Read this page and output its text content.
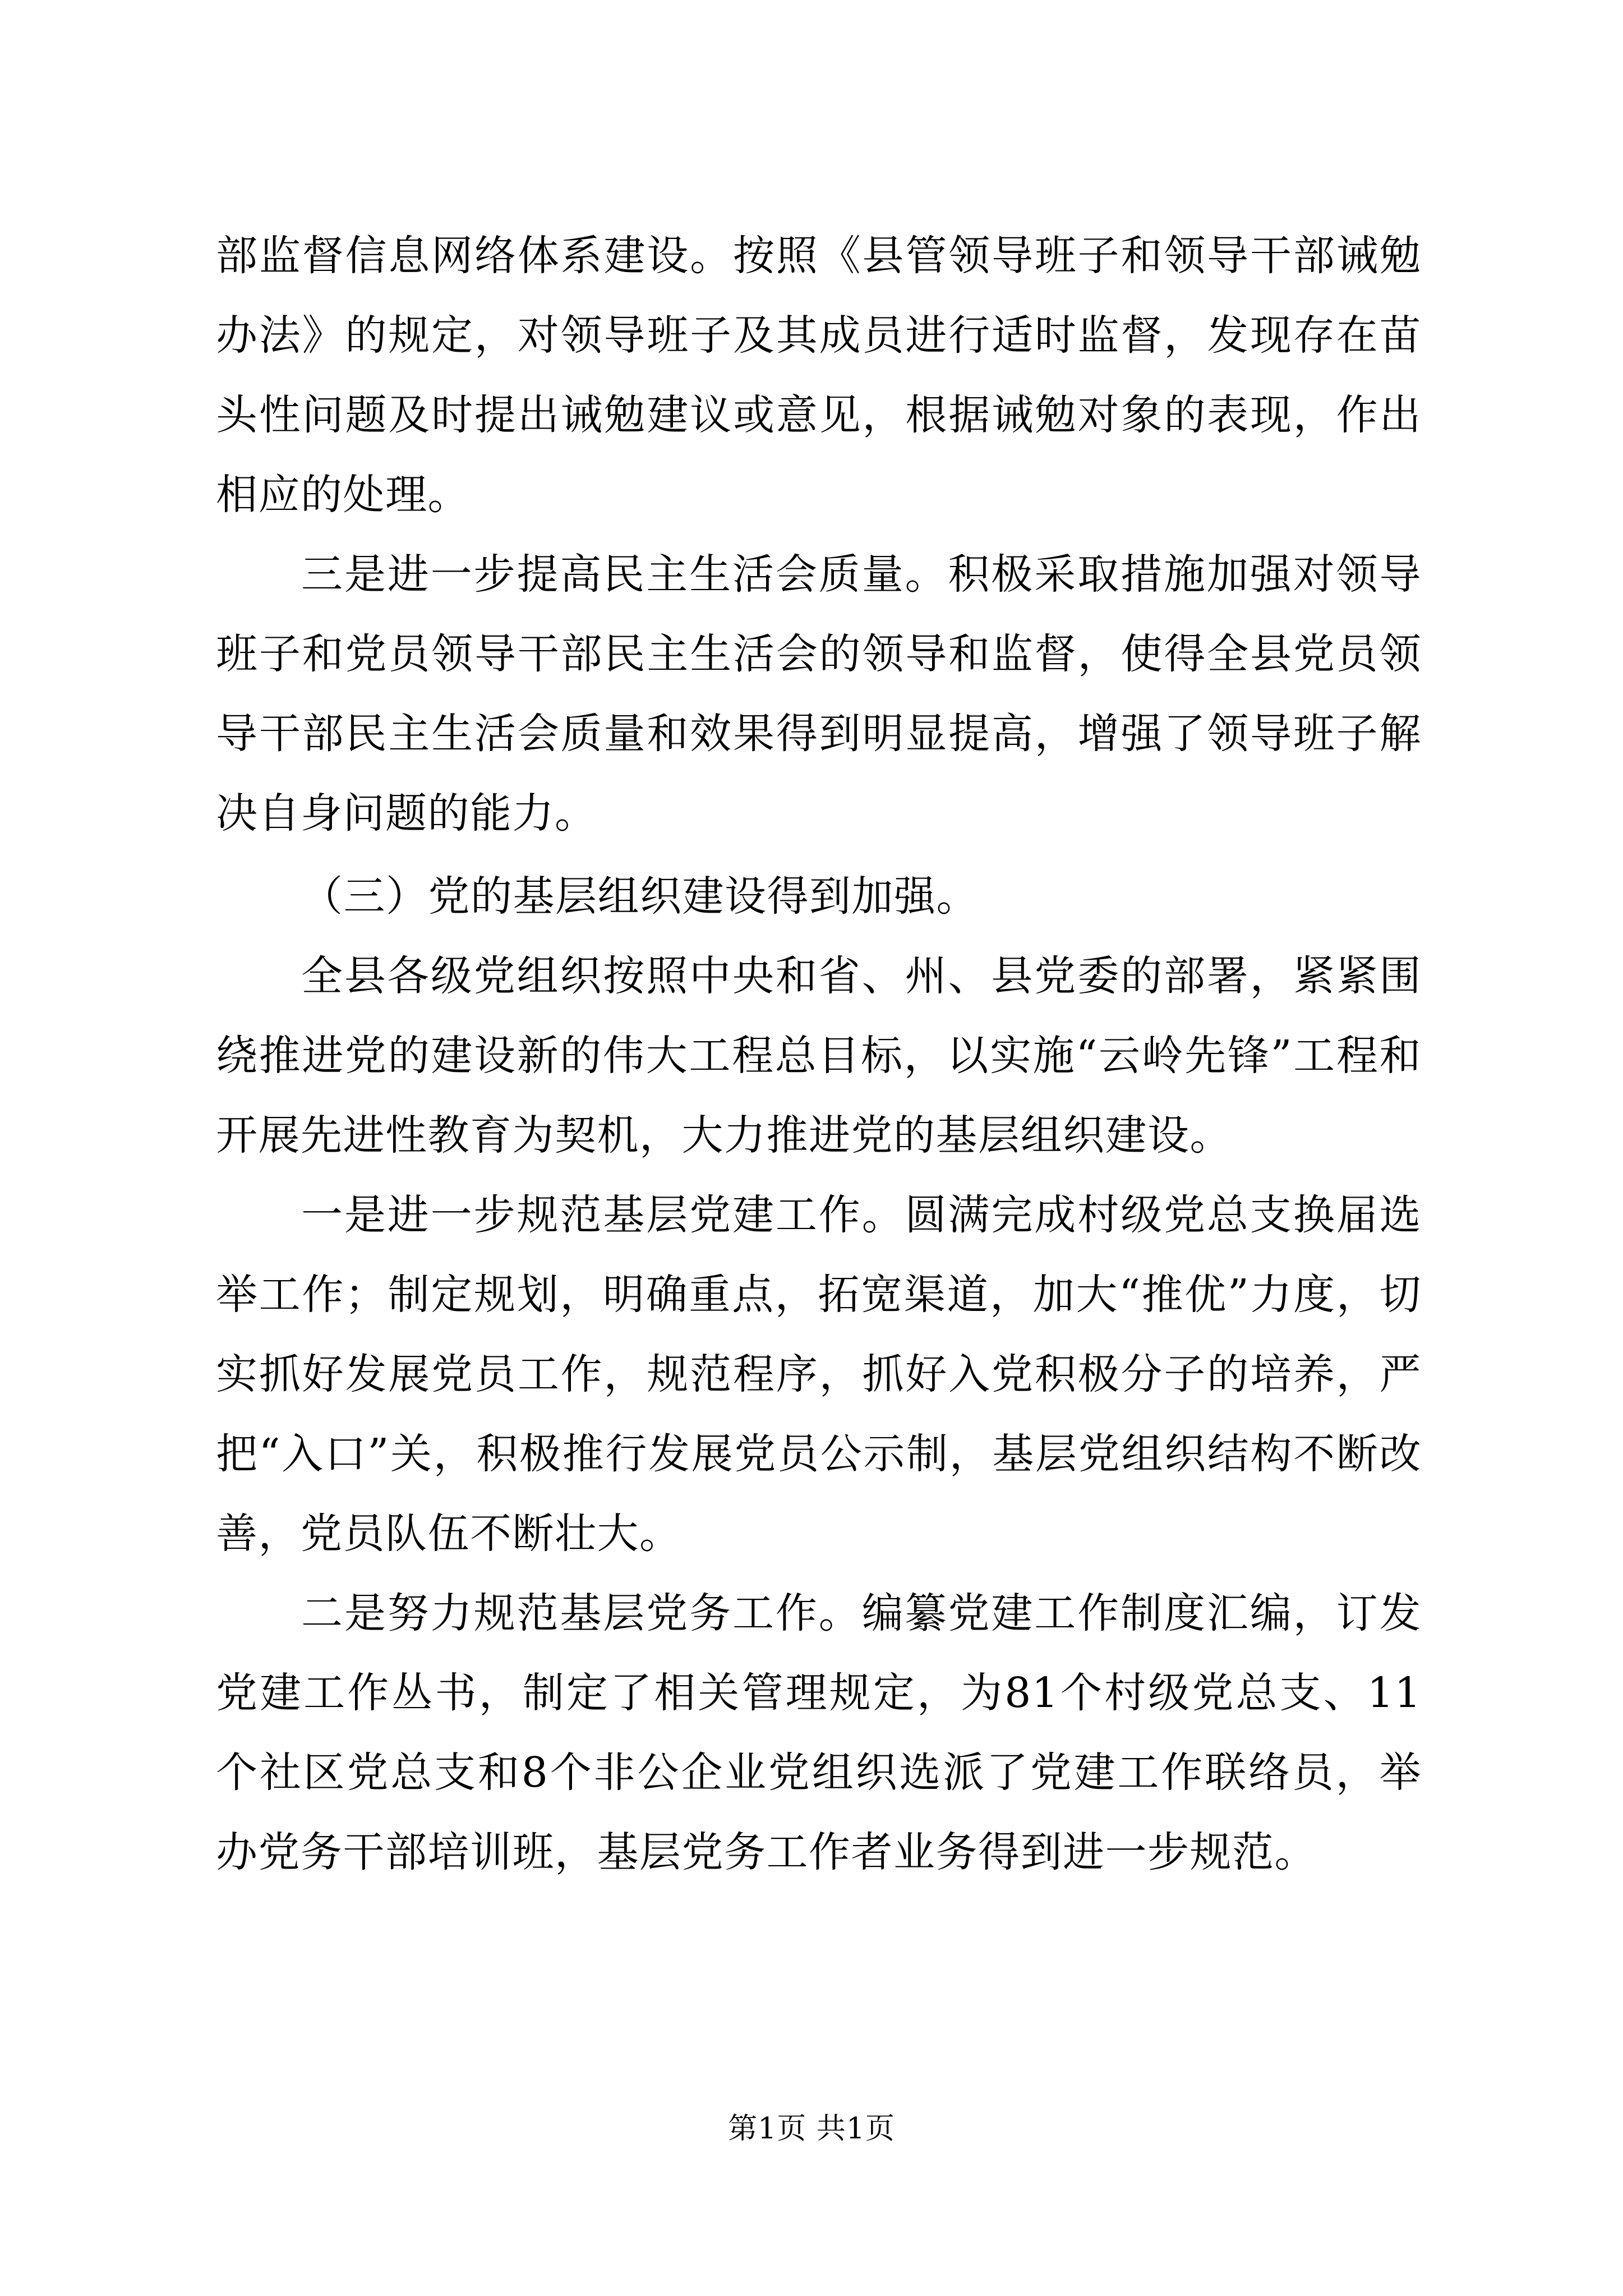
部监督信息网络体系建设。按照《县管领导班子和领导干部诫勉办法》的规定，对领导班子及其成员进行适时监督，发现存在苗头性问题及时提出诫勉建议或意见，根据诫勉对象的表现，作出相应的处理。

三是进一步提高民主生活会质量。积极采取措施加强对领导班子和党员领导干部民主生活会的领导和监督，使得全县党员领导干部民主生活会质量和效果得到明显提高，增强了领导班子解决自身问题的能力。

（三）党的基层组织建设得到加强。

全县各级党组织按照中央和省、州、县党委的部署，紧紧围绕推进党的建设新的伟大工程总目标，以实施“云岭先锋”工程和开展先进性教育为契机，大力推进党的基层组织建设。

一是进一步规范基层党建工作。圆满完成村级党总支换届选举工作；制定规划，明确重点，拓宽渠道，加大“推优”力度，切实抓好发展党员工作，规范程序，抓好入党积极分子的培养，严把“入口”关，积极推行发展党员公示制，基层党组织结构不断改善，党员队伍不断壮大。

二是努力规范基层党务工作。编纂党建工作制度汇编，订发党建工作丛书，制定了相关管理规定，为81个村级党总支、11个社区党总支和8个非公企业党组织选派了党建工作联络员，举办党务干部培训班，基层党务工作者业务得到进一步规范。

第1页 共1页
